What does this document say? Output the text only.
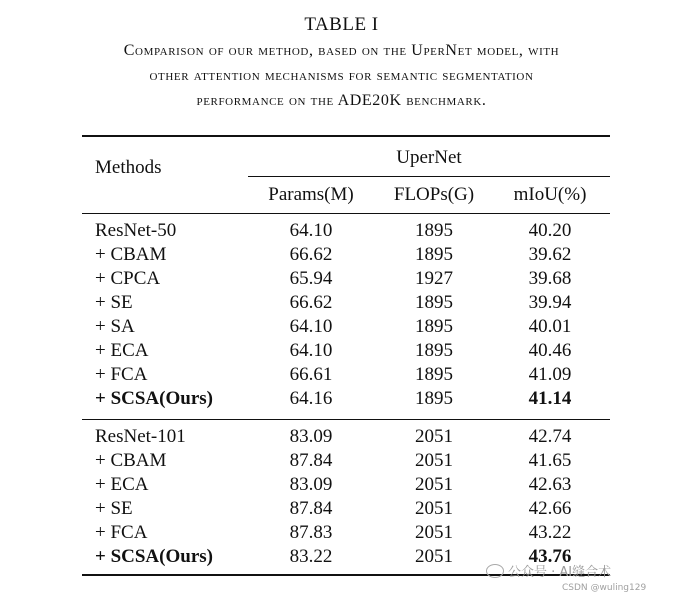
TABLE I
Comparison of our method, based on the UperNet model, with
other attention mechanisms for semantic segmentation
performance on the ADE20K benchmark.
Methods	UperNet
Params(M)	FLOPs(G)	mIoU(%)
ResNet-50	64.10	1895	40.20
+ CBAM	66.62	1895	39.62
+ CPCA	65.94	1927	39.68
+ SE	66.62	1895	39.94
+ SA	64.10	1895	40.01
+ ECA	64.10	1895	40.46
+ FCA	66.61	1895	41.09
+ SCSA(Ours)	64.16	1895	41.14
ResNet-101	83.09	2051	42.74
+ CBAM	87.84	2051	41.65
+ ECA	83.09	2051	42.63
+ SE	87.84	2051	42.66
+ FCA	87.83	2051	43.22
+ SCSA(Ours)	83.22	2051	43.76
公众号 · AI缝合术
CSDN @wuling129
